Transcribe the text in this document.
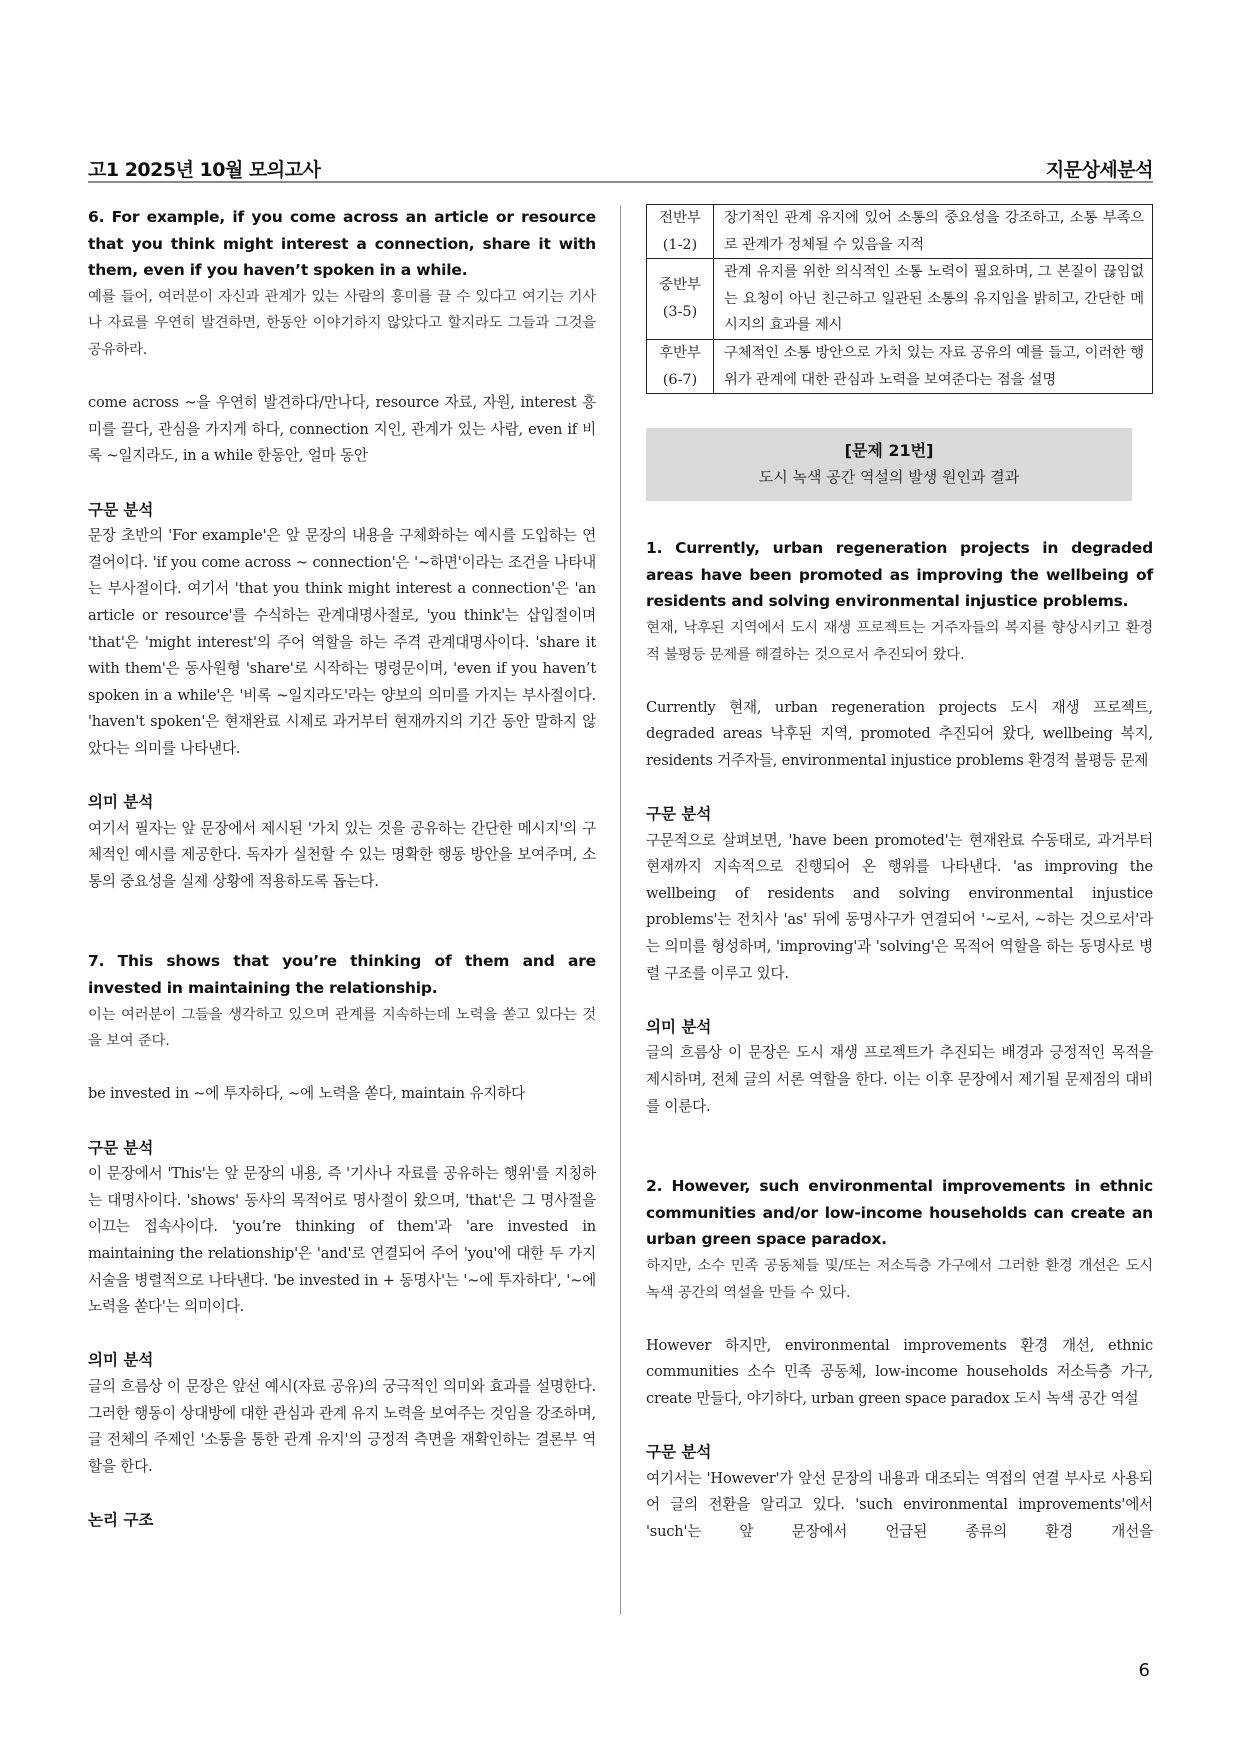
고1 2025년 10월 모의고사	지문상세분석

6. For example, if you come across an article or resource that you think might interest a connection, share it with them, even if you haven’t spoken in a while.

예를 들어, 여러분이 자신과 관계가 있는 사람의 흥미를 끌 수 있다고 여기는 기사나 자료를 우연히 발견하면, 한동안 이야기하지 않았다고 할지라도 그들과 그것을 공유하라.

come across ~을 우연히 발견하다/만나다, resource 자료, 자원, interest 흥미를 끌다, 관심을 가지게 하다, connection 지인, 관계가 있는 사람, even if 비록 ~일지라도, in a while 한동안, 얼마 동안

구문 분석

문장 초반의 'For example'은 앞 문장의 내용을 구체화하는 예시를 도입하는 연결어이다. 'if you come across ~ connection'은 '~하면'이라는 조건을 나타내는 부사절이다. 여기서 'that you think might interest a connection'은 'an article or resource'를 수식하는 관계대명사절로, 'you think'는 삽입절이며 'that'은 'might interest'의 주어 역할을 하는 주격 관계대명사이다. 'share it with them'은 동사원형 'share'로 시작하는 명령문이며, 'even if you haven’t spoken in a while'은 '비록 ~일지라도'라는 양보의 의미를 가지는 부사절이다. 'haven't spoken'은 현재완료 시제로 과거부터 현재까지의 기간 동안 말하지 않았다는 의미를 나타낸다.

의미 분석

여기서 필자는 앞 문장에서 제시된 '가치 있는 것을 공유하는 간단한 메시지'의 구체적인 예시를 제공한다. 독자가 실천할 수 있는 명확한 행동 방안을 보여주며, 소통의 중요성을 실제 상황에 적용하도록 돕는다.

7. This shows that you’re thinking of them and are invested in maintaining the relationship.

이는 여러분이 그들을 생각하고 있으며 관계를 지속하는데 노력을 쏟고 있다는 것을 보여 준다.

be invested in ~에 투자하다, ~에 노력을 쏟다, maintain 유지하다

구문 분석

이 문장에서 'This'는 앞 문장의 내용, 즉 '기사나 자료를 공유하는 행위'를 지칭하는 대명사이다. 'shows' 동사의 목적어로 명사절이 왔으며, 'that'은 그 명사절을 이끄는 접속사이다. 'you’re thinking of them'과 'are invested in maintaining the relationship'은 'and'로 연결되어 주어 'you'에 대한 두 가지 서술을 병렬적으로 나타낸다. 'be invested in + 동명사'는 '~에 투자하다', '~에 노력을 쏟다'는 의미이다.

의미 분석

글의 흐름상 이 문장은 앞선 예시(자료 공유)의 궁극적인 의미와 효과를 설명한다. 그러한 행동이 상대방에 대한 관심과 관계 유지 노력을 보여주는 것임을 강조하며, 글 전체의 주제인 '소통을 통한 관계 유지'의 긍정적 측면을 재확인하는 결론부 역할을 한다.

논리 구조

전반부
(1-2)	장기적인 관계 유지에 있어 소통의 중요성을 강조하고, 소통 부족으로 관계가 정체될 수 있음을 지적

중반부
(3-5)	관계 유지를 위한 의식적인 소통 노력이 필요하며, 그 본질이 끊임없는 요청이 아닌 친근하고 일관된 소통의 유지임을 밝히고, 간단한 메시지의 효과를 제시

후반부
(6-7)	구체적인 소통 방안으로 가치 있는 자료 공유의 예를 들고, 이러한 행위가 관계에 대한 관심과 노력을 보여준다는 점을 설명
[문제 21번]
도시 녹색 공간 역설의 발생 원인과 결과

1. Currently, urban regeneration projects in degraded areas have been promoted as improving the wellbeing of residents and solving environmental injustice problems.

현재, 낙후된 지역에서 도시 재생 프로젝트는 거주자들의 복지를 향상시키고 환경적 불평등 문제를 해결하는 것으로서 추진되어 왔다.

Currently 현재, urban regeneration projects 도시 재생 프로젝트, degraded areas 낙후된 지역, promoted 추진되어 왔다, wellbeing 복지, residents 거주자들, environmental injustice problems 환경적 불평등 문제

구문 분석

구문적으로 살펴보면, 'have been promoted'는 현재완료 수동태로, 과거부터 현재까지 지속적으로 진행되어 온 행위를 나타낸다. 'as improving the wellbeing of residents and solving environmental injustice problems'는 전치사 'as' 뒤에 동명사구가 연결되어 '~로서, ~하는 것으로서'라는 의미를 형성하며, 'improving'과 'solving'은 목적어 역할을 하는 동명사로 병렬 구조를 이루고 있다.

의미 분석

글의 흐름상 이 문장은 도시 재생 프로젝트가 추진되는 배경과 긍정적인 목적을 제시하며, 전체 글의 서론 역할을 한다. 이는 이후 문장에서 제기될 문제점의 대비를 이룬다.

2. However, such environmental improvements in ethnic communities and/or low-income households can create an urban green space paradox.

하지만, 소수 민족 공동체들 및/또는 저소득층 가구에서 그러한 환경 개선은 도시 녹색 공간의 역설을 만들 수 있다.

However 하지만, environmental improvements 환경 개선, ethnic communities 소수 민족 공동체, low-income households 저소득층 가구, create 만들다, 야기하다, urban green space paradox 도시 녹색 공간 역설

구문 분석

여기서는 'However'가 앞선 문장의 내용과 대조되는 역접의 연결 부사로 사용되어 글의 전환을 알리고 있다. 'such environmental improvements'에서 'such'는 앞 문장에서 언급된 종류의 환경 개선을

6
